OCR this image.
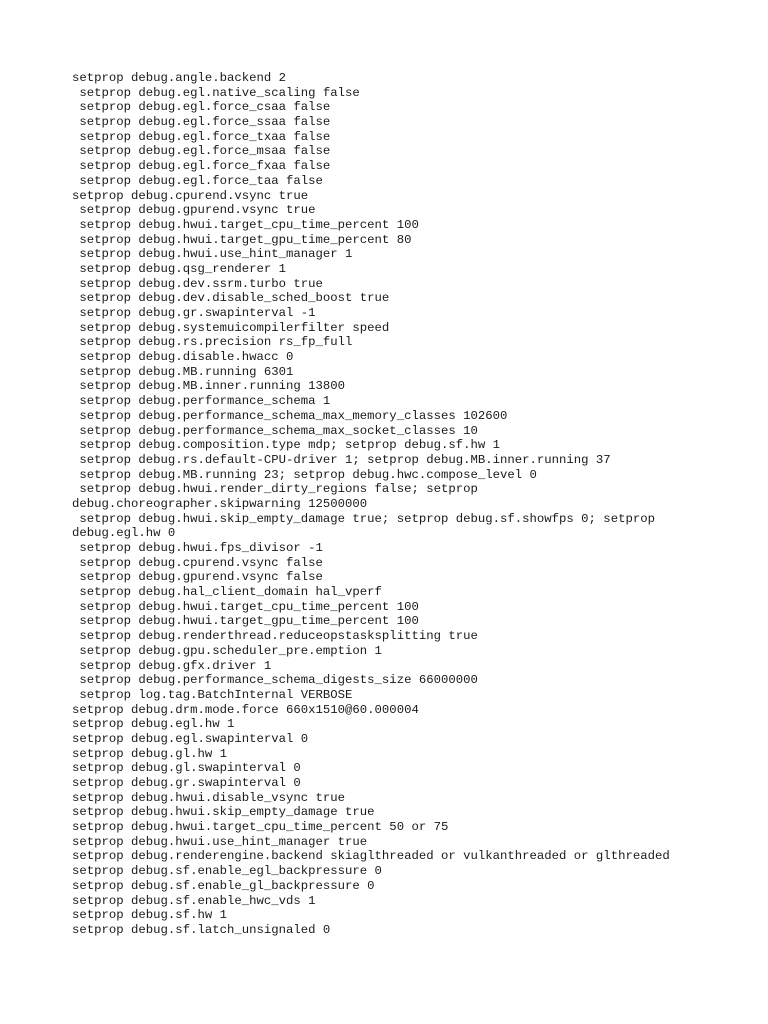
setprop debug.angle.backend 2
setprop debug.egl.native_scaling false
setprop debug.egl.force_csaa false
setprop debug.egl.force_ssaa false
setprop debug.egl.force_txaa false
setprop debug.egl.force_msaa false
setprop debug.egl.force_fxaa false
setprop debug.egl.force_taa false
setprop debug.cpurend.vsync true
setprop debug.gpurend.vsync true
setprop debug.hwui.target_cpu_time_percent 100
setprop debug.hwui.target_gpu_time_percent 80
setprop debug.hwui.use_hint_manager 1
setprop debug.qsg_renderer 1
setprop debug.dev.ssrm.turbo true
setprop debug.dev.disable_sched_boost true
setprop debug.gr.swapinterval -1
setprop debug.systemuicompilerfilter speed
setprop debug.rs.precision rs_fp_full
setprop debug.disable.hwacc 0
setprop debug.MB.running 6301
setprop debug.MB.inner.running 13800
setprop debug.performance_schema 1
setprop debug.performance_schema_max_memory_classes 102600
setprop debug.performance_schema_max_socket_classes 10
setprop debug.composition.type mdp; setprop debug.sf.hw 1
setprop debug.rs.default-CPU-driver 1; setprop debug.MB.inner.running 37
setprop debug.MB.running 23; setprop debug.hwc.compose_level 0
setprop debug.hwui.render_dirty_regions false; setprop
debug.choreographer.skipwarning 12500000
setprop debug.hwui.skip_empty_damage true; setprop debug.sf.showfps 0; setprop
debug.egl.hw 0
setprop debug.hwui.fps_divisor -1
setprop debug.cpurend.vsync false
setprop debug.gpurend.vsync false
setprop debug.hal_client_domain hal_vperf
setprop debug.hwui.target_cpu_time_percent 100
setprop debug.hwui.target_gpu_time_percent 100
setprop debug.renderthread.reduceopstasksplitting true
setprop debug.gpu.scheduler_pre.emption 1
setprop debug.gfx.driver 1
setprop debug.performance_schema_digests_size 66000000
setprop log.tag.BatchInternal VERBOSE
setprop debug.drm.mode.force 660x1510@60.000004
setprop debug.egl.hw 1
setprop debug.egl.swapinterval 0
setprop debug.gl.hw 1
setprop debug.gl.swapinterval 0
setprop debug.gr.swapinterval 0
setprop debug.hwui.disable_vsync true
setprop debug.hwui.skip_empty_damage true
setprop debug.hwui.target_cpu_time_percent 50 or 75
setprop debug.hwui.use_hint_manager true
setprop debug.renderengine.backend skiaglthreaded or vulkanthreaded or glthreaded
setprop debug.sf.enable_egl_backpressure 0
setprop debug.sf.enable_gl_backpressure 0
setprop debug.sf.enable_hwc_vds 1
setprop debug.sf.hw 1
setprop debug.sf.latch_unsignaled 0
